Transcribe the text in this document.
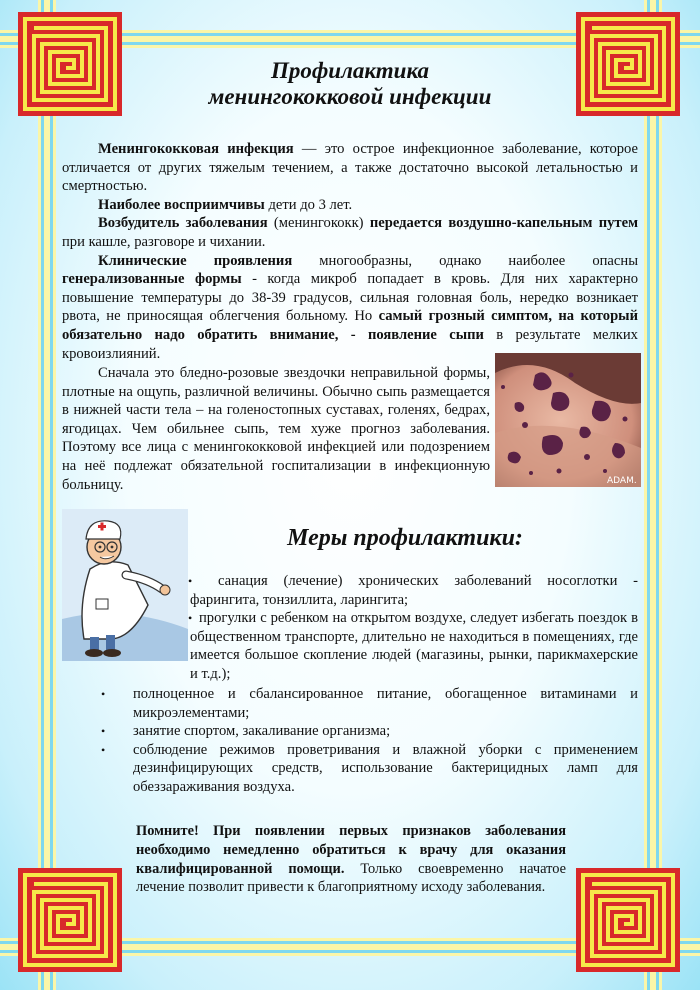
Профилактика
менингококковой инфекции

Менингококковая инфекция — это острое инфекционное заболевание, которое отличается от других тяжелым течением, а также достаточно высокой летальностью и смертностью.

Наиболее восприимчивы дети до 3 лет.

Возбудитель заболевания (менингококк) передается воздушно-капельным путем при кашле, разговоре и чихании.

Клинические проявления многообразны, однако наиболее опасны генерализованные формы - когда микроб попадает в кровь. Для них характерно повышение температуры до 38-39 градусов, сильная головная боль, нередко возникает рвота, не приносящая облегчения больному. Но самый грозный симптом, на который обязательно надо обратить внимание, - появление сыпи в результате мелких кровоизлияний.

Сначала это бледно-розовые звездочки неправильной формы, плотные на ощупь, различной величины. Обычно сыпь размещается в нижней части тела – на голеностопных суставах, голенях, бедрах, ягодицах. Чем обильнее сыпь, тем хуже прогноз заболевания. Поэтому все лица с менингококковой инфекцией или подозрением на неё подлежат обязательной госпитализации в инфекционную больницу.	ADAM.
Меры профилактики:
• санация (лечение) хронических заболеваний носоглотки - фарингита, тонзиллита, ларингита;
• прогулки с ребенком на открытом воздухе, следует избегать поездок в общественном транспорте, длительно не находиться в помещениях, где имеется большое скопление людей (магазины, рынки, парикмахерские и т.д.);
• полноценное и сбалансированное питание, обогащенное витаминами и микроэлементами;
• занятие спортом, закаливание организма;
• соблюдение режимов проветривания и влажной уборки с применением дезинфицирующих средств, использование бактерицидных ламп для обеззараживания воздуха.

Помните! При появлении первых признаков заболевания необходимо немедленно обратиться к врачу для оказания квалифицированной помощи. Только своевременно начатое лечение позволит привести к благоприятному исходу заболевания.
